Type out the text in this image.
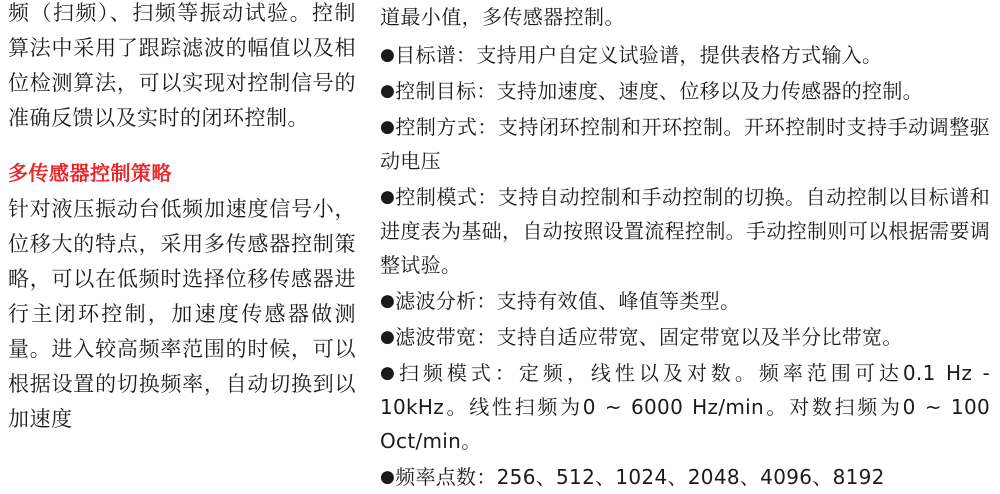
频（扫频）、扫频等振动试验。控制算法中采用了跟踪滤波的幅值以及相位检测算法，可以实现对控制信号的准确反馈以及实时的闭环控制。

多传感器控制策略

针对液压振动台低频加速度信号小，位移大的特点，采用多传感器控制策略，可以在低频时选择位移传感器进行主闭环控制，加速度传感器做测量。进入较高频率范围的时候，可以根据设置的切换频率，自动切换到以加速度

道最小值，多传感器控制。

●目标谱：支持用户自定义试验谱，提供表格方式输入。

●控制目标：支持加速度、速度、位移以及力传感器的控制。

●控制方式：支持闭环控制和开环控制。开环控制时支持手动调整驱动电压

●控制模式：支持自动控制和手动控制的切换。自动控制以目标谱和进度表为基础，自动按照设置流程控制。手动控制则可以根据需要调整试验。

●滤波分析：支持有效值、峰值等类型。

●滤波带宽：支持自适应带宽、固定带宽以及半分比带宽。

●扫频模式：定频，线性以及对数。频率范围可达0.1 Hz - 10kHz。线性扫频为0 ~ 6000 Hz/min。对数扫频为0 ~ 100 Oct/min。

●频率点数：256、512、1024、2048、4096、8192
